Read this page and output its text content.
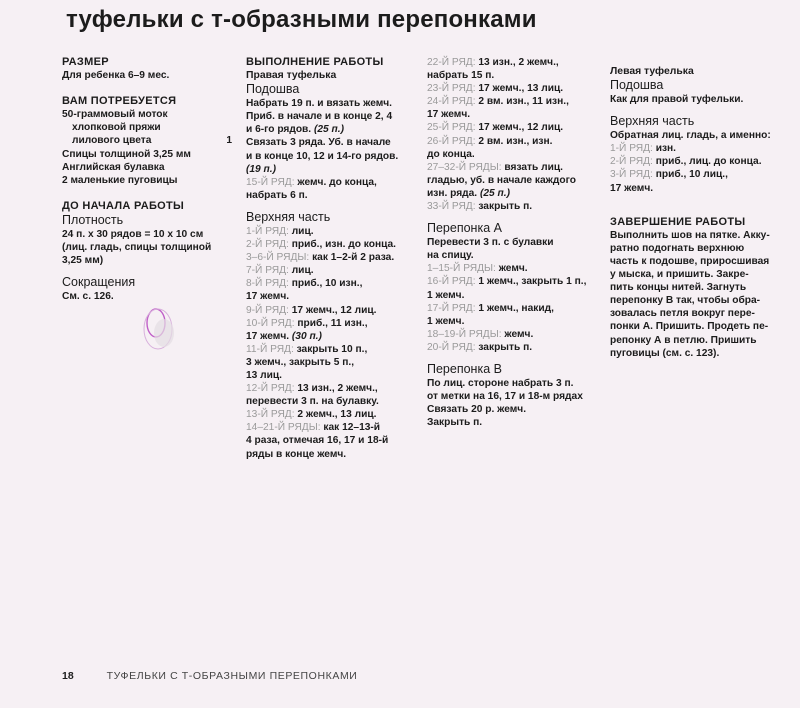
туфельки с т-образными перепонками
РАЗМЕР
Для ребенка 6–9 мес.
ВАМ ПОТРЕБУЕТСЯ
50-граммовый моток
хлопковой пряжи
лилового цвета	1
Спицы толщиной 3,25 мм
Английская булавка
2 маленькие пуговицы
ДО НАЧАЛА РАБОТЫ
Плотность
24 п. х 30 рядов = 10 х 10 см
(лиц. гладь, спицы толщиной
3,25 мм)
Сокращения
См. с. 126.
ВЫПОЛНЕНИЕ РАБОТЫ
Правая туфелька
Подошва
Набрать 19 п. и вязать жемч.
Приб. в начале и в конце 2, 4
и 6-го рядов. (25 п.)
Связать 3 ряда. Уб. в начале
и в конце 10, 12 и 14-го рядов.
(19 п.)
15-Й РЯД: жемч. до конца,
набрать 6 п.
Верхняя часть
1-Й РЯД: лиц.
2-Й РЯД: приб., изн. до конца.
3–6-Й РЯДЫ: как 1–2-й 2 раза.
7-Й РЯД: лиц.
8-Й РЯД: приб., 10 изн.,
17 жемч.
9-Й РЯД: 17 жемч., 12 лиц.
10-Й РЯД: приб., 11 изн.,
17 жемч. (30 п.)
11-Й РЯД: закрыть 10 п.,
3 жемч., закрыть 5 п.,
13 лиц.
12-Й РЯД: 13 изн., 2 жемч.,
перевести 3 п. на булавку.
13-Й РЯД: 2 жемч., 13 лиц.
14–21-Й РЯДЫ: как 12–13-й
4 раза, отмечая 16, 17 и 18-й
ряды в конце жемч.
22-Й РЯД: 13 изн., 2 жемч.,
набрать 15 п.
23-Й РЯД: 17 жемч., 13 лиц.
24-Й РЯД: 2 вм. изн., 11 изн.,
17 жемч.
25-Й РЯД: 17 жемч., 12 лиц.
26-Й РЯД: 2 вм. изн., изн.
до конца.
27–32-Й РЯДЫ: вязать лиц.
гладью, уб. в начале каждого
изн. ряда. (25 п.)
33-Й РЯД: закрыть п.
Перепонка А
Перевести 3 п. с булавки
на спицу.
1–15-Й РЯДЫ: жемч.
16-Й РЯД: 1 жемч., закрыть 1 п.,
1 жемч.
17-Й РЯД: 1 жемч., накид,
1 жемч.
18–19-Й РЯДЫ: жемч.
20-Й РЯД: закрыть п.
Перепонка В
По лиц. стороне набрать 3 п.
от метки на 16, 17 и 18-м рядах
Связать 20 р. жемч.
Закрыть п.
Левая туфелька
Подошва
Как для правой туфельки.
Верхняя часть
Обратная лиц. гладь, а именно:
1-Й РЯД: изн.
2-Й РЯД: приб., лиц. до конца.
3-Й РЯД: приб., 10 лиц.,
17 жемч.
ЗАВЕРШЕНИЕ РАБОТЫ
Выполнить шов на пятке. Акку-
ратно подогнать верхнюю
часть к подошве, приросшивая
у мыска, и пришить. Закре-
пить концы нитей. Загнуть
перепонку В так, чтобы обра-
зовалась петля вокруг пере-
понки А. Пришить. Продеть пе-
репонку А в петлю. Пришить
пуговицы (см. с. 123).
18	ТУФЕЛЬКИ С Т-ОБРАЗНЫМИ ПЕРЕПОНКАМИ
